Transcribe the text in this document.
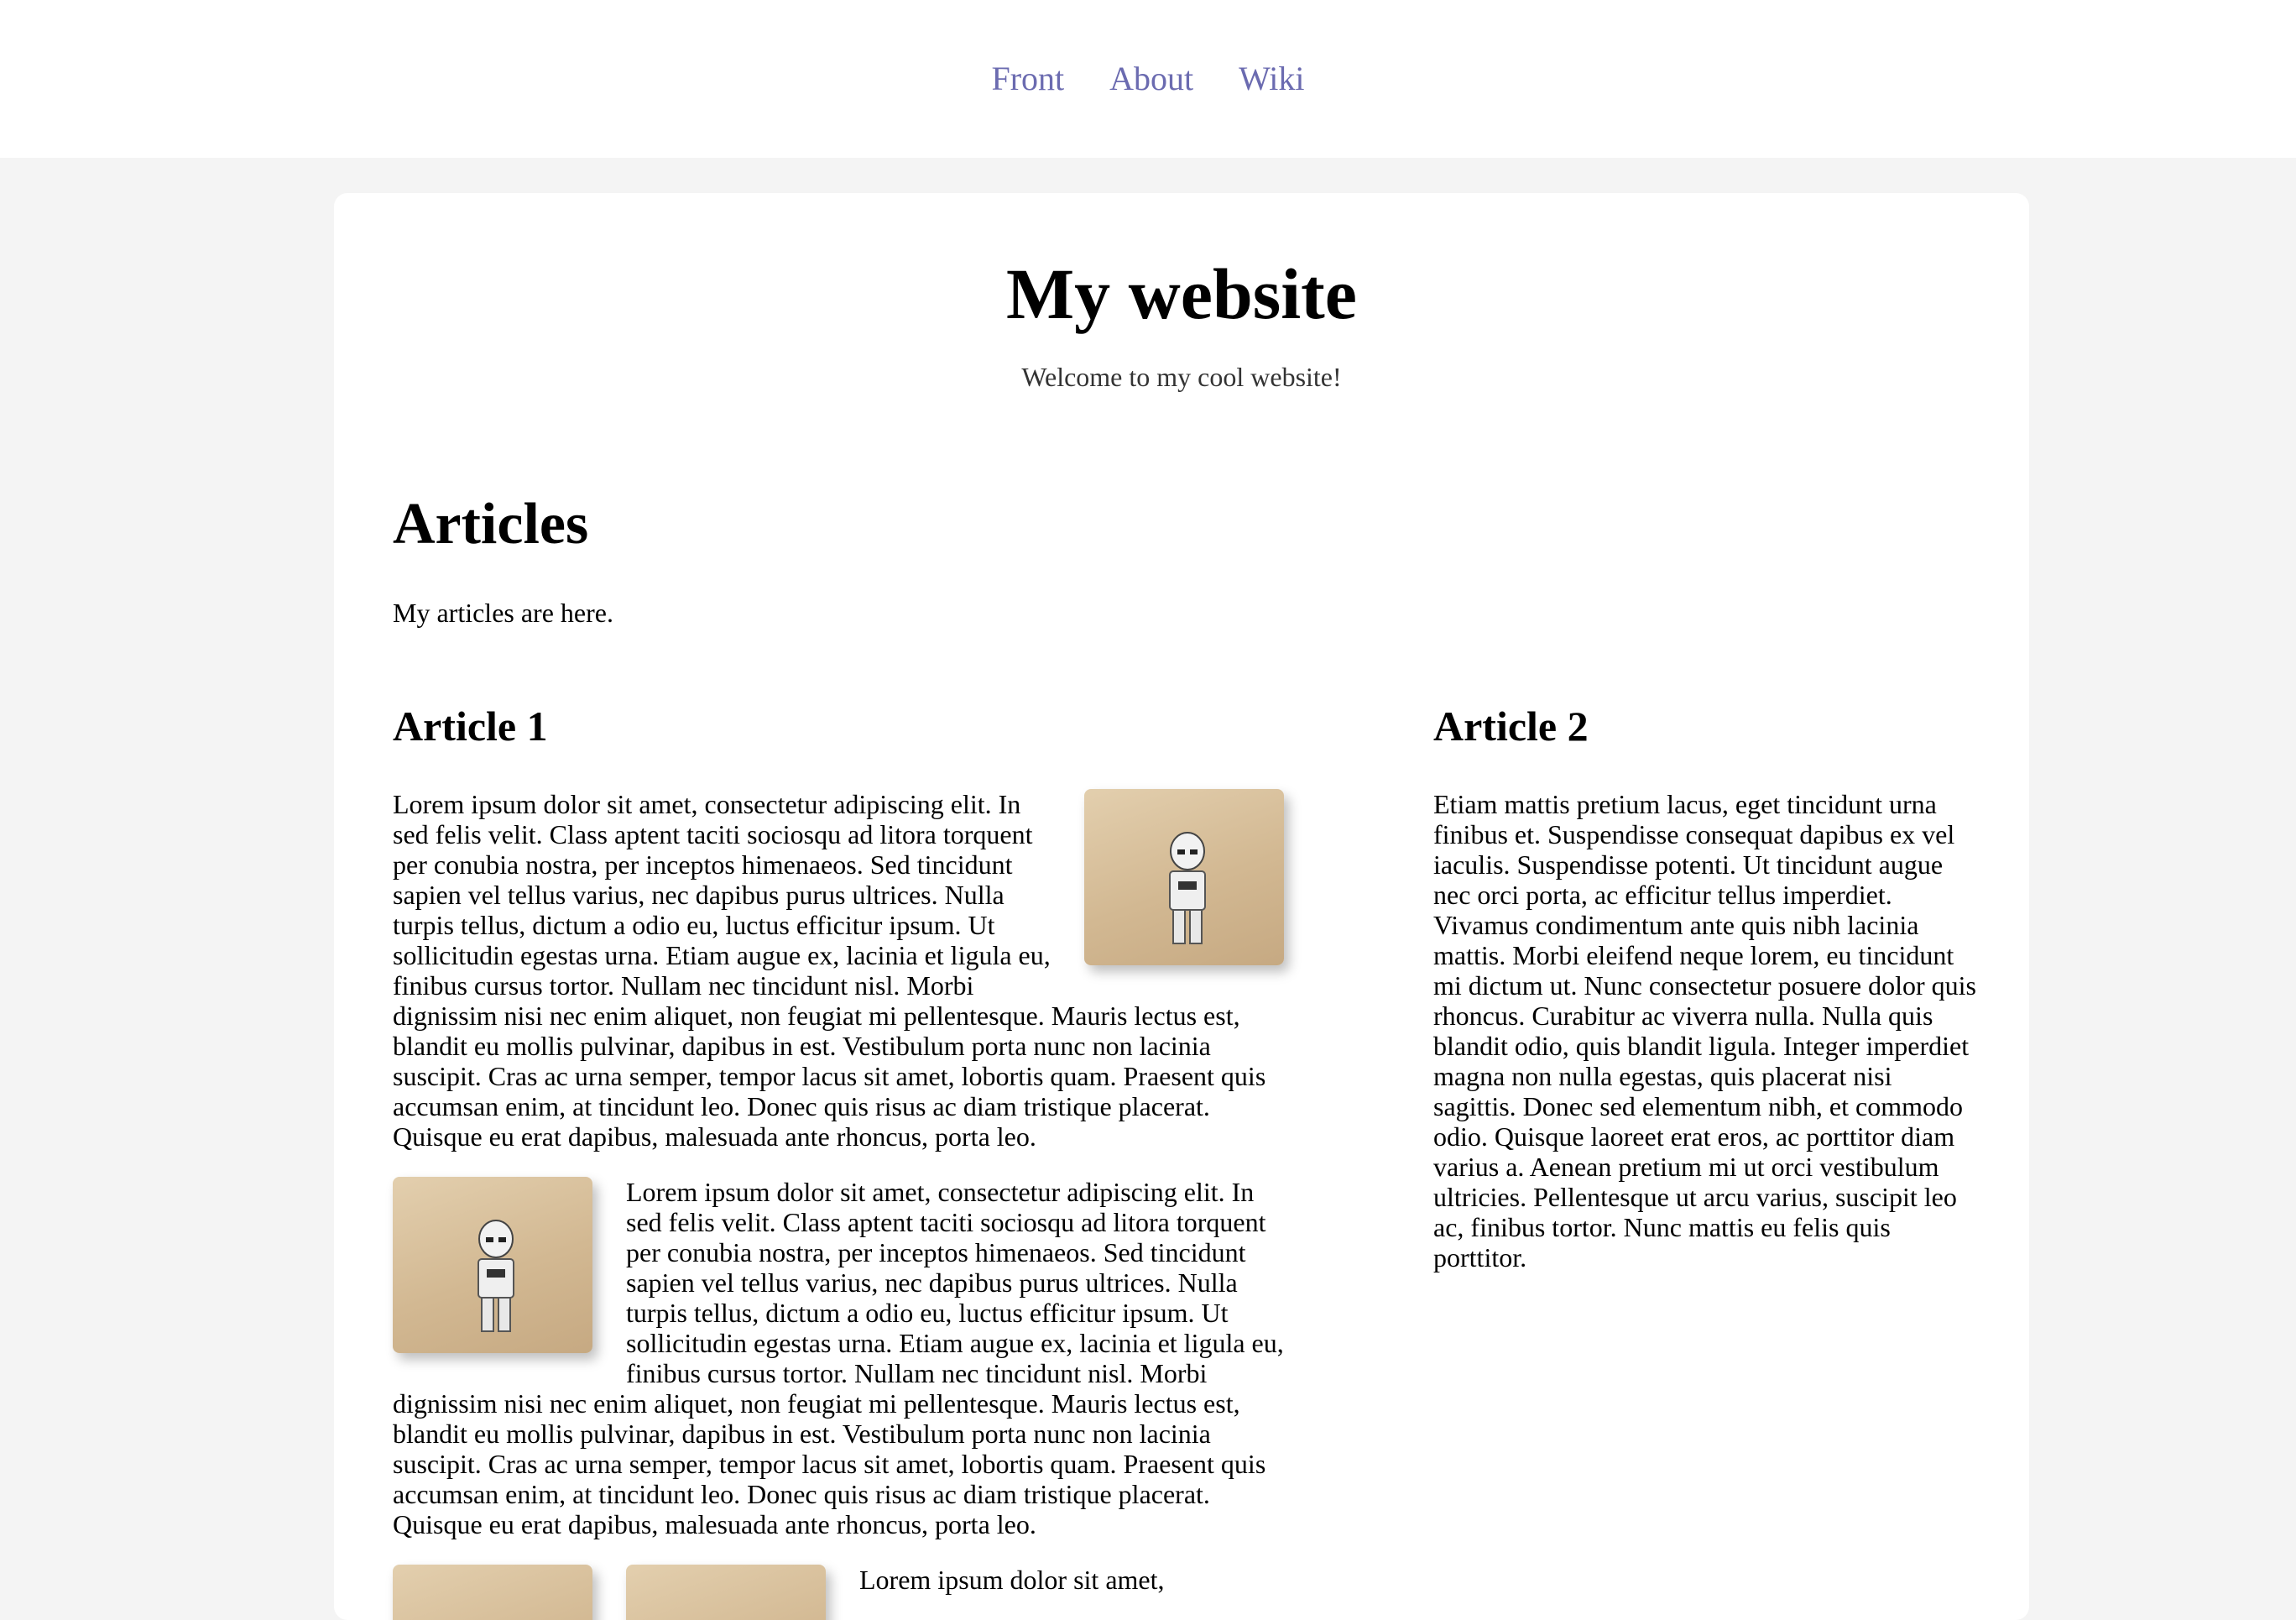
Front About Wiki
My website
Welcome to my cool website!
Articles
My articles are here.
Article 1

Lorem ipsum dolor sit amet, consectetur adipiscing elit. In sed felis velit. Class aptent taciti sociosqu ad litora torquent per conubia nostra, per inceptos himenaeos. Sed tincidunt sapien vel tellus varius, nec dapibus purus ultrices. Nulla turpis tellus, dictum a odio eu, luctus efficitur ipsum. Ut sollicitudin egestas urna. Etiam augue ex, lacinia et ligula eu, finibus cursus tortor. Nullam nec tincidunt nisl. Morbi dignissim nisi nec enim aliquet, non feugiat mi pellentesque. Mauris lectus est, blandit eu mollis pulvinar, dapibus in est. Vestibulum porta nunc non lacinia suscipit. Cras ac urna semper, tempor lacus sit amet, lobortis quam. Praesent quis accumsan enim, at tincidunt leo. Donec quis risus ac diam tristique placerat. Quisque eu erat dapibus, malesuada ante rhoncus, porta leo.

Lorem ipsum dolor sit amet, consectetur adipiscing elit. In sed felis velit. Class aptent taciti sociosqu ad litora torquent per conubia nostra, per inceptos himenaeos. Sed tincidunt sapien vel tellus varius, nec dapibus purus ultrices. Nulla turpis tellus, dictum a odio eu, luctus efficitur ipsum. Ut sollicitudin egestas urna. Etiam augue ex, lacinia et ligula eu, finibus cursus tortor. Nullam nec tincidunt nisl. Morbi dignissim nisi nec enim aliquet, non feugiat mi pellentesque. Mauris lectus est, blandit eu mollis pulvinar, dapibus in est. Vestibulum porta nunc non lacinia suscipit. Cras ac urna semper, tempor lacus sit amet, lobortis quam. Praesent quis accumsan enim, at tincidunt leo. Donec quis risus ac diam tristique placerat. Quisque eu erat dapibus, malesuada ante rhoncus, porta leo.

Lorem ipsum dolor sit amet,

Article 2

Etiam mattis pretium lacus, eget tincidunt urna finibus et. Suspendisse consequat dapibus ex vel iaculis. Suspendisse potenti. Ut tincidunt augue nec orci porta, ac efficitur tellus imperdiet. Vivamus condimentum ante quis nibh lacinia mattis. Morbi eleifend neque lorem, eu tincidunt mi dictum ut. Nunc consectetur posuere dolor quis rhoncus. Curabitur ac viverra nulla. Nulla quis blandit odio, quis blandit ligula. Integer imperdiet magna non nulla egestas, quis placerat nisi sagittis. Donec sed elementum nibh, et commodo odio. Quisque laoreet erat eros, ac porttitor diam varius a. Aenean pretium mi ut orci vestibulum ultricies. Pellentesque ut arcu varius, suscipit leo ac, finibus tortor. Nunc mattis eu felis quis porttitor.
